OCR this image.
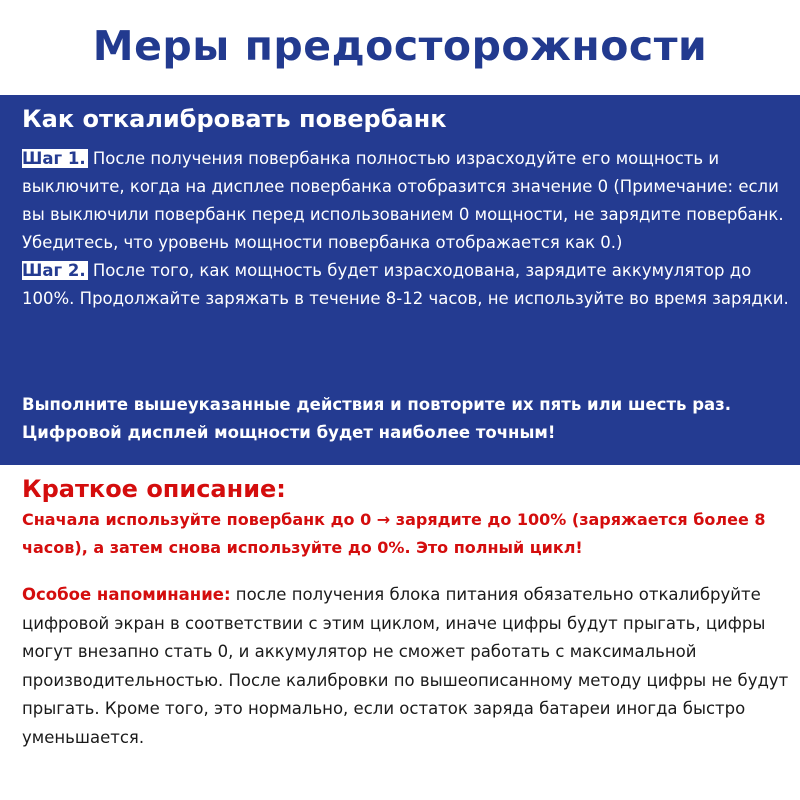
Меры предосторожности
Как откалибровать повербанк

Шаг 1. После получения повербанка полностью израсходуйте его мощность и выключите, когда на дисплее повербанка отобразится значение 0 (Примечание: если вы выключили повербанк перед использованием 0 мощности, не зарядите повербанк. Убедитесь, что уровень мощности повербанка отображается как 0.)

Шаг 2. После того, как мощность будет израсходована, зарядите аккумулятор до 100%. Продолжайте заряжать в течение 8-12 часов, не используйте во время зарядки.

Выполните вышеуказанные действия и повторите их пять или шесть раз. Цифровой дисплей мощности будет наиболее точным!
Краткое описание:
Сначала используйте повербанк до 0 → зарядите до 100% (заряжается более 8 часов), а затем снова используйте до 0%. Это полный цикл!
Особое напоминание: после получения блока питания обязательно откалибруйте цифровой экран в соответствии с этим циклом, иначе цифры будут прыгать, цифры могут внезапно стать 0, и аккумулятор не сможет работать с максимальной производительностью. После калибровки по вышеописанному методу цифры не будут прыгать. Кроме того, это нормально, если остаток заряда батареи иногда быстро уменьшается.
